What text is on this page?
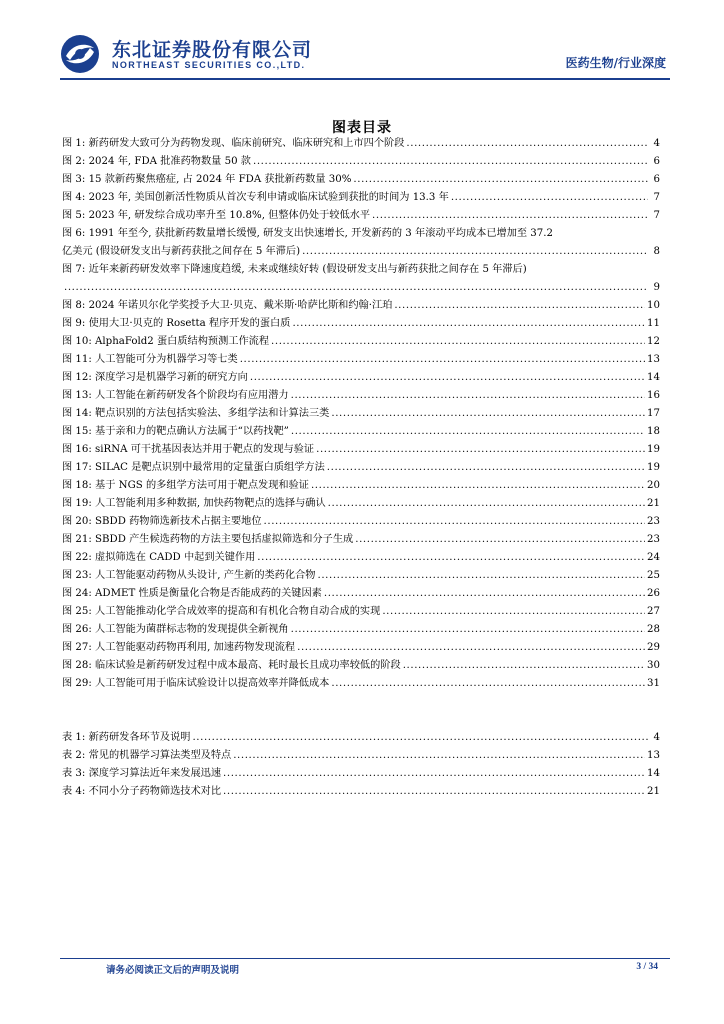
东北证券股份有限公司
NORTHEAST SECURITIES CO.,LTD.	医药生物/行业深度
图表目录
图 1: 新药研发大致可分为药物发现、临床前研究、临床研究和上市四个阶段 .....	4
图 2: 2024 年, FDA 批准药物数量 50 款 .....	6
图 3: 15 款新药聚焦癌症, 占 2024 年 FDA 获批新药数量 30% .....	6
图 4: 2023 年, 美国创新活性物质从首次专利申请或临床试验到获批的时间为 13.3 年 .....	7
图 5: 2023 年, 研发综合成功率升至 10.8%, 但整体仍处于较低水平 .....	7
图 6: 1991 年至今, 获批新药数量增长缓慢, 研发支出快速增长, 开发新药的 3 年滚动平均成本已增加至 37.2
亿美元 (假设研发支出与新药获批之间存在 5 年滞后) .....	8
图 7: 近年来新药研发效率下降速度趋缓, 未来或继续好转 (假设研发支出与新药获批之间存在 5 年滞后)
.....
9
图 8: 2024 年诺贝尔化学奖授予大卫·贝克、戴米斯·哈萨比斯和约翰·江珀 .....	10
图 9: 使用大卫·贝克的 Rosetta 程序开发的蛋白质 .....	11
图 10: AlphaFold2 蛋白质结构预测工作流程 .....	12
图 11: 人工智能可分为机器学习等七类 .....	13
图 12: 深度学习是机器学习新的研究方向 .....	14
图 13: 人工智能在新药研发各个阶段均有应用潜力 .....	16
图 14: 靶点识别的方法包括实验法、多组学法和计算法三类 .....	17
图 15: 基于亲和力的靶点确认方法属于“以药找靶” .....	18
图 16: siRNA 可干扰基因表达并用于靶点的发现与验证 .....	19
图 17: SILAC 是靶点识别中最常用的定量蛋白质组学方法 .....	19
图 18: 基于 NGS 的多组学方法可用于靶点发现和验证 .....	20
图 19: 人工智能利用多种数据, 加快药物靶点的选择与确认 .....	21
图 20: SBDD 药物筛选新技术占据主要地位 .....	23
图 21: SBDD 产生候选药物的方法主要包括虚拟筛选和分子生成 .....	23
图 22: 虚拟筛选在 CADD 中起到关键作用 .....	24
图 23: 人工智能驱动药物从头设计, 产生新的类药化合物 .....	25
图 24: ADMET 性质是衡量化合物是否能成药的关键因素 .....	26
图 25: 人工智能推动化学合成效率的提高和有机化合物自动合成的实现 .....	27
图 26: 人工智能为菌群标志物的发现提供全新视角 .....	28
图 27: 人工智能驱动药物再利用, 加速药物发现流程 .....	29
图 28: 临床试验是新药研发过程中成本最高、耗时最长且成功率较低的阶段 .....	30
图 29: 人工智能可用于临床试验设计以提高效率并降低成本 .....	31
表 1: 新药研发各环节及说明 .....	4
表 2: 常见的机器学习算法类型及特点 .....	13
表 3: 深度学习算法近年来发展迅速 .....	14
表 4: 不同小分子药物筛选技术对比 .....	21
请务必阅读正文后的声明及说明	3 / 34
